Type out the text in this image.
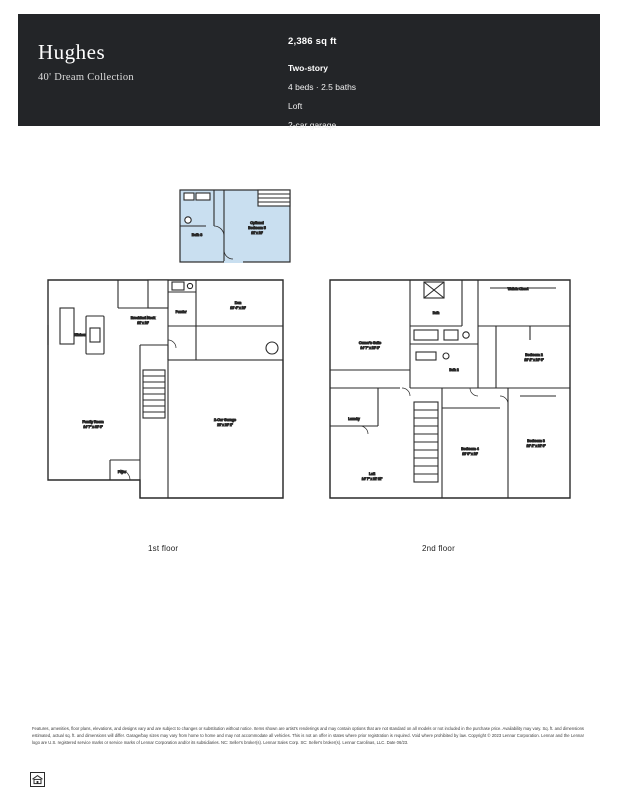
Hughes
40' Dream Collection
2,386 sq ft
Two-story
4 beds · 2.5 baths
Loft
2-car garage
Bath 3
Optional
Bedroom 5
11' x 10'
Kitchen
Breakfast Nook
11' x 10'
Powder
Den
13' 4" x 10'
2-Car Garage
20' x 20' 1"
Family Room
14' 7" x 43' 6"
Foyer
Bath
Walk-in Closet
Owner's Suite
14' 7" x 15' 8"
Bath 2
Bedroom 2
10' 1" x 10' 6"
Laundry
Bedroom 4
10' 9" x 10'
Bedroom 3
10' 1" x 11' 0"
Loft
14' 7" x 11' 11"
1st floor	2nd floor

Features, amenities, floor plans, elevations, and designs vary and are subject to changes or substitution without notice. Items shown are artist's renderings and may contain options that are not standard on all models or not included in the purchase price. Availability may vary. Sq. ft. and dimensions estimated, actual sq. ft. and dimensions will differ. Garage/bay sizes may vary from home to home and may not accommodate all vehicles. This is not an offer in states where prior registration is required. Void where prohibited by law. Copyright © 2023 Lennar Corporation. Lennar and the Lennar logo are U.S. registered service marks or service marks of Lennar Corporation and/or its subsidiaries. NC: Seller's broker(s). Lennar Sales Corp. SC: Seller's broker(s). Lennar Carolinas, LLC. Date 06/23.
